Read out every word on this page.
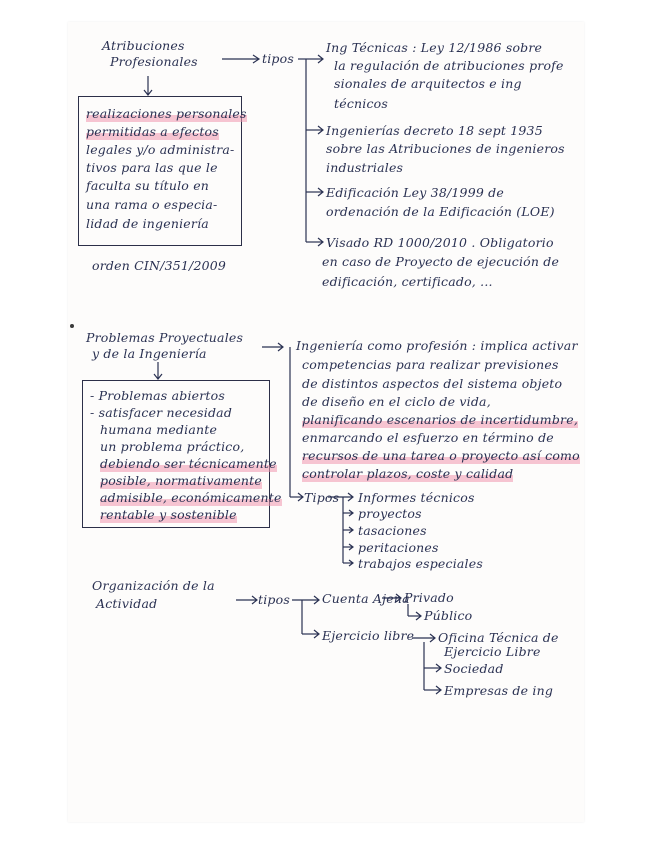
Atribuciones
Profesionales	tipos
realizaciones personales
permitidas a efectos
legales y/o administra-
tivos para las que le
faculta su título en
una rama o especia-
lidad de ingeniería
orden CIN/351/2009
Ing Técnicas : Ley 12/1986 sobre
la regulación de atribuciones profe
sionales de arquitectos e ing
técnicos
Ingenierías decreto 18 sept 1935
sobre las Atribuciones de ingenieros
industriales
Edificación Ley 38/1999 de
ordenación de la Edificación (LOE)
Visado RD 1000/2010 . Obligatorio
en caso de Proyecto de ejecución de
edificación, certificado, ...
Problemas Proyectuales
y de la Ingeniería
- Problemas abiertos
- satisfacer necesidad
humana mediante
un problema práctico,
debiendo ser técnicamente
posible, normativamente
admisible, económicamente
rentable y sostenible
Ingeniería como profesión : implica activar
competencias para realizar previsiones
de distintos aspectos del sistema objeto
de diseño en el ciclo de vida,
planificando escenarios de incertidumbre,
enmarcando el esfuerzo en término de
recursos de una tarea o proyecto así como
controlar plazos, coste y calidad
Tipos Informes técnicos
proyectos
tasaciones
peritaciones
trabajos especiales
Organización de la
Actividad	tipos	Cuenta Ajena
Privado
Público
Ejercicio libre Oficina Técnica de
Ejercicio Libre
Sociedad
Empresas de ing
